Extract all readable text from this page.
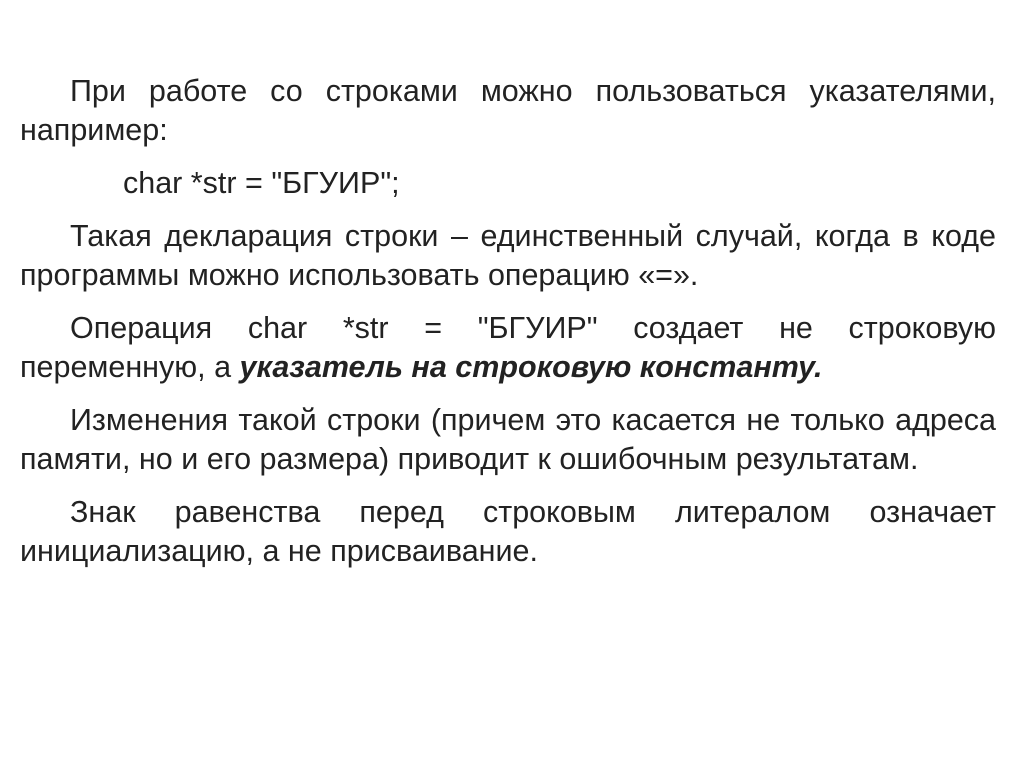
При работе со строками можно пользоваться указателями, например:

char *str = "БГУИР";

Такая декларация строки – единственный случай, когда в коде программы можно использовать операцию «=».

Операция char *str = "БГУИР" создает не строковую переменную, а указатель на строковую константу.

Изменения такой строки (причем это касается не только адреса памяти, но и его размера) приводит к ошибочным результатам.

Знак равенства перед строковым литералом означает инициализацию, а не присваивание.
